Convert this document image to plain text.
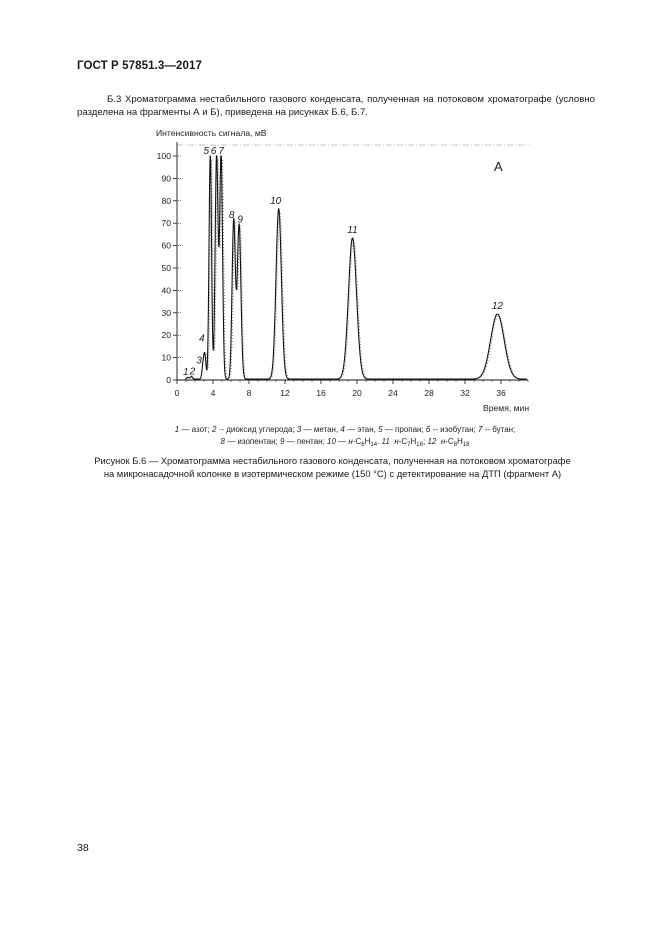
ГОСТ Р 57851.3—2017

Б.3 Хроматограмма нестабильного газового конденсата, полученная на потоковом хроматографе (условно разделена на фрагменты А и Б), приведена на рисунках Б.6, Б.7.

0
10
20
30
40
50
60
70
80
90
100
0	4	8	12	16	20	24	28	32	36
1 2
3
4
5 6 7
8 9
10
11
12
Интенсивность сигнала, мВ
Время, мин
А
1 — азот; 2 ·- диоксид углерода; 3 — метан, 4 — этан, 5 — пропан; 6 -- изобутан; 7 -- бутан;
8 — изопентан; 9 — пентан; 10 — $н-С_6Н_{14}$. 11 $н-С_7Н_{16}$; 12 $н-С_8Н_{18}$
Рисунок Б.6 — Хроматограмма нестабильного газового конденсата, полученная на потоковом хроматографе
на микронасадочной колонке в изотермическом режиме (150 °С) с детектирование на ДТП (фрагмент А)
38
